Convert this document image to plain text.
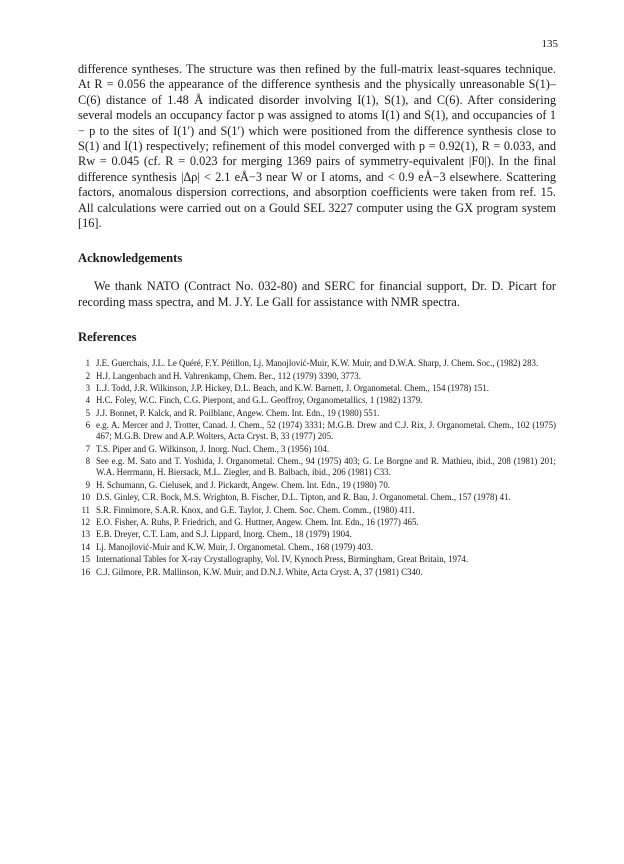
135

difference syntheses. The structure was then refined by the full-matrix least-squares technique. At R = 0.056 the appearance of the difference synthesis and the physically unreasonable S(1)–C(6) distance of 1.48 Å indicated disorder involving I(1), S(1), and C(6). After considering several models an occupancy factor p was assigned to atoms I(1) and S(1), and occupancies of 1 − p to the sites of I(1′) and S(1′) which were positioned from the difference synthesis close to S(1) and I(1) respectively; refinement of this model converged with p = 0.92(1), R = 0.033, and Rw = 0.045 (cf. R = 0.023 for merging 1369 pairs of symmetry-equivalent |F0|). In the final difference synthesis |Δρ| < 2.1 eÅ−3 near W or I atoms, and < 0.9 eÅ−3 elsewhere. Scattering factors, anomalous dispersion corrections, and absorption coefficients were taken from ref. 15. All calculations were carried out on a Gould SEL 3227 computer using the GX program system [16].

Acknowledgements

We thank NATO (Contract No. 032-80) and SERC for financial support, Dr. D. Picart for recording mass spectra, and M. J.Y. Le Gall for assistance with NMR spectra.

References
1 J.E. Guerchais, J.L. Le Quéré, F.Y. Pétillon, Lj. Manojlović-Muir, K.W. Muir, and D.W.A. Sharp, J. Chem. Soc., (1982) 283.
2 H.J. Langenbach and H. Vahrenkamp, Chem. Ber., 112 (1979) 3390, 3773.
3 L.J. Todd, J.R. Wilkinson, J.P. Hickey, D.L. Beach, and K.W. Barnett, J. Organometal. Chem., 154 (1978) 151.
4 H.C. Foley, W.C. Finch, C.G. Pierpont, and G.L. Geoffroy, Organometallics, 1 (1982) 1379.
5 J.J. Bonnet, P. Kalck, and R. Poilblanc, Angew. Chem. Int. Edn., 19 (1980) 551.
6 e.g. A. Mercer and J. Trotter, Canad. J. Chem., 52 (1974) 3331; M.G.B. Drew and C.J. Rix, J. Organometal. Chem., 102 (1975) 467; M.G.B. Drew and A.P. Wolters, Acta Cryst. B, 33 (1977) 205.
7 T.S. Piper and G. Wilkinson, J. Inorg. Nucl. Chem., 3 (1956) 104.
8 See e.g. M. Sato and T. Yoshida, J. Organometal. Chem., 94 (1975) 403; G. Le Borgne and R. Mathieu, ibid., 208 (1981) 201; W.A. Herrmann, H. Biersack, M.L. Ziegler, and B. Balbach, ibid., 206 (1981) C33.
9 H. Schumann, G. Cielusek, and J. Pickardt, Angew. Chem. Int. Edn., 19 (1980) 70.
10 D.S. Ginley, C.R. Bock, M.S. Wrighton, B. Fischer, D.L. Tipton, and R. Bau, J. Organometal. Chem., 157 (1978) 41.
11 S.R. Finnimore, S.A.R. Knox, and G.E. Taylor, J. Chem. Soc. Chem. Comm., (1980) 411.
12 E.O. Fisher, A. Ruhs, P. Friedrich, and G. Huttner, Angew. Chem. Int. Edn., 16 (1977) 465.
13 E.B. Dreyer, C.T. Lam, and S.J. Lippard, Inorg. Chem., 18 (1979) 1904.
14 Lj. Manojlović-Muir and K.W. Muir, J. Organometal. Chem., 168 (1979) 403.
15 International Tables for X-ray Crystallography, Vol. IV, Kynoch Press, Birmingham, Great Britain, 1974.
16 C.J. Gilmore, P.R. Mallinson, K.W. Muir, and D.N.J. White, Acta Cryst. A, 37 (1981) C340.
